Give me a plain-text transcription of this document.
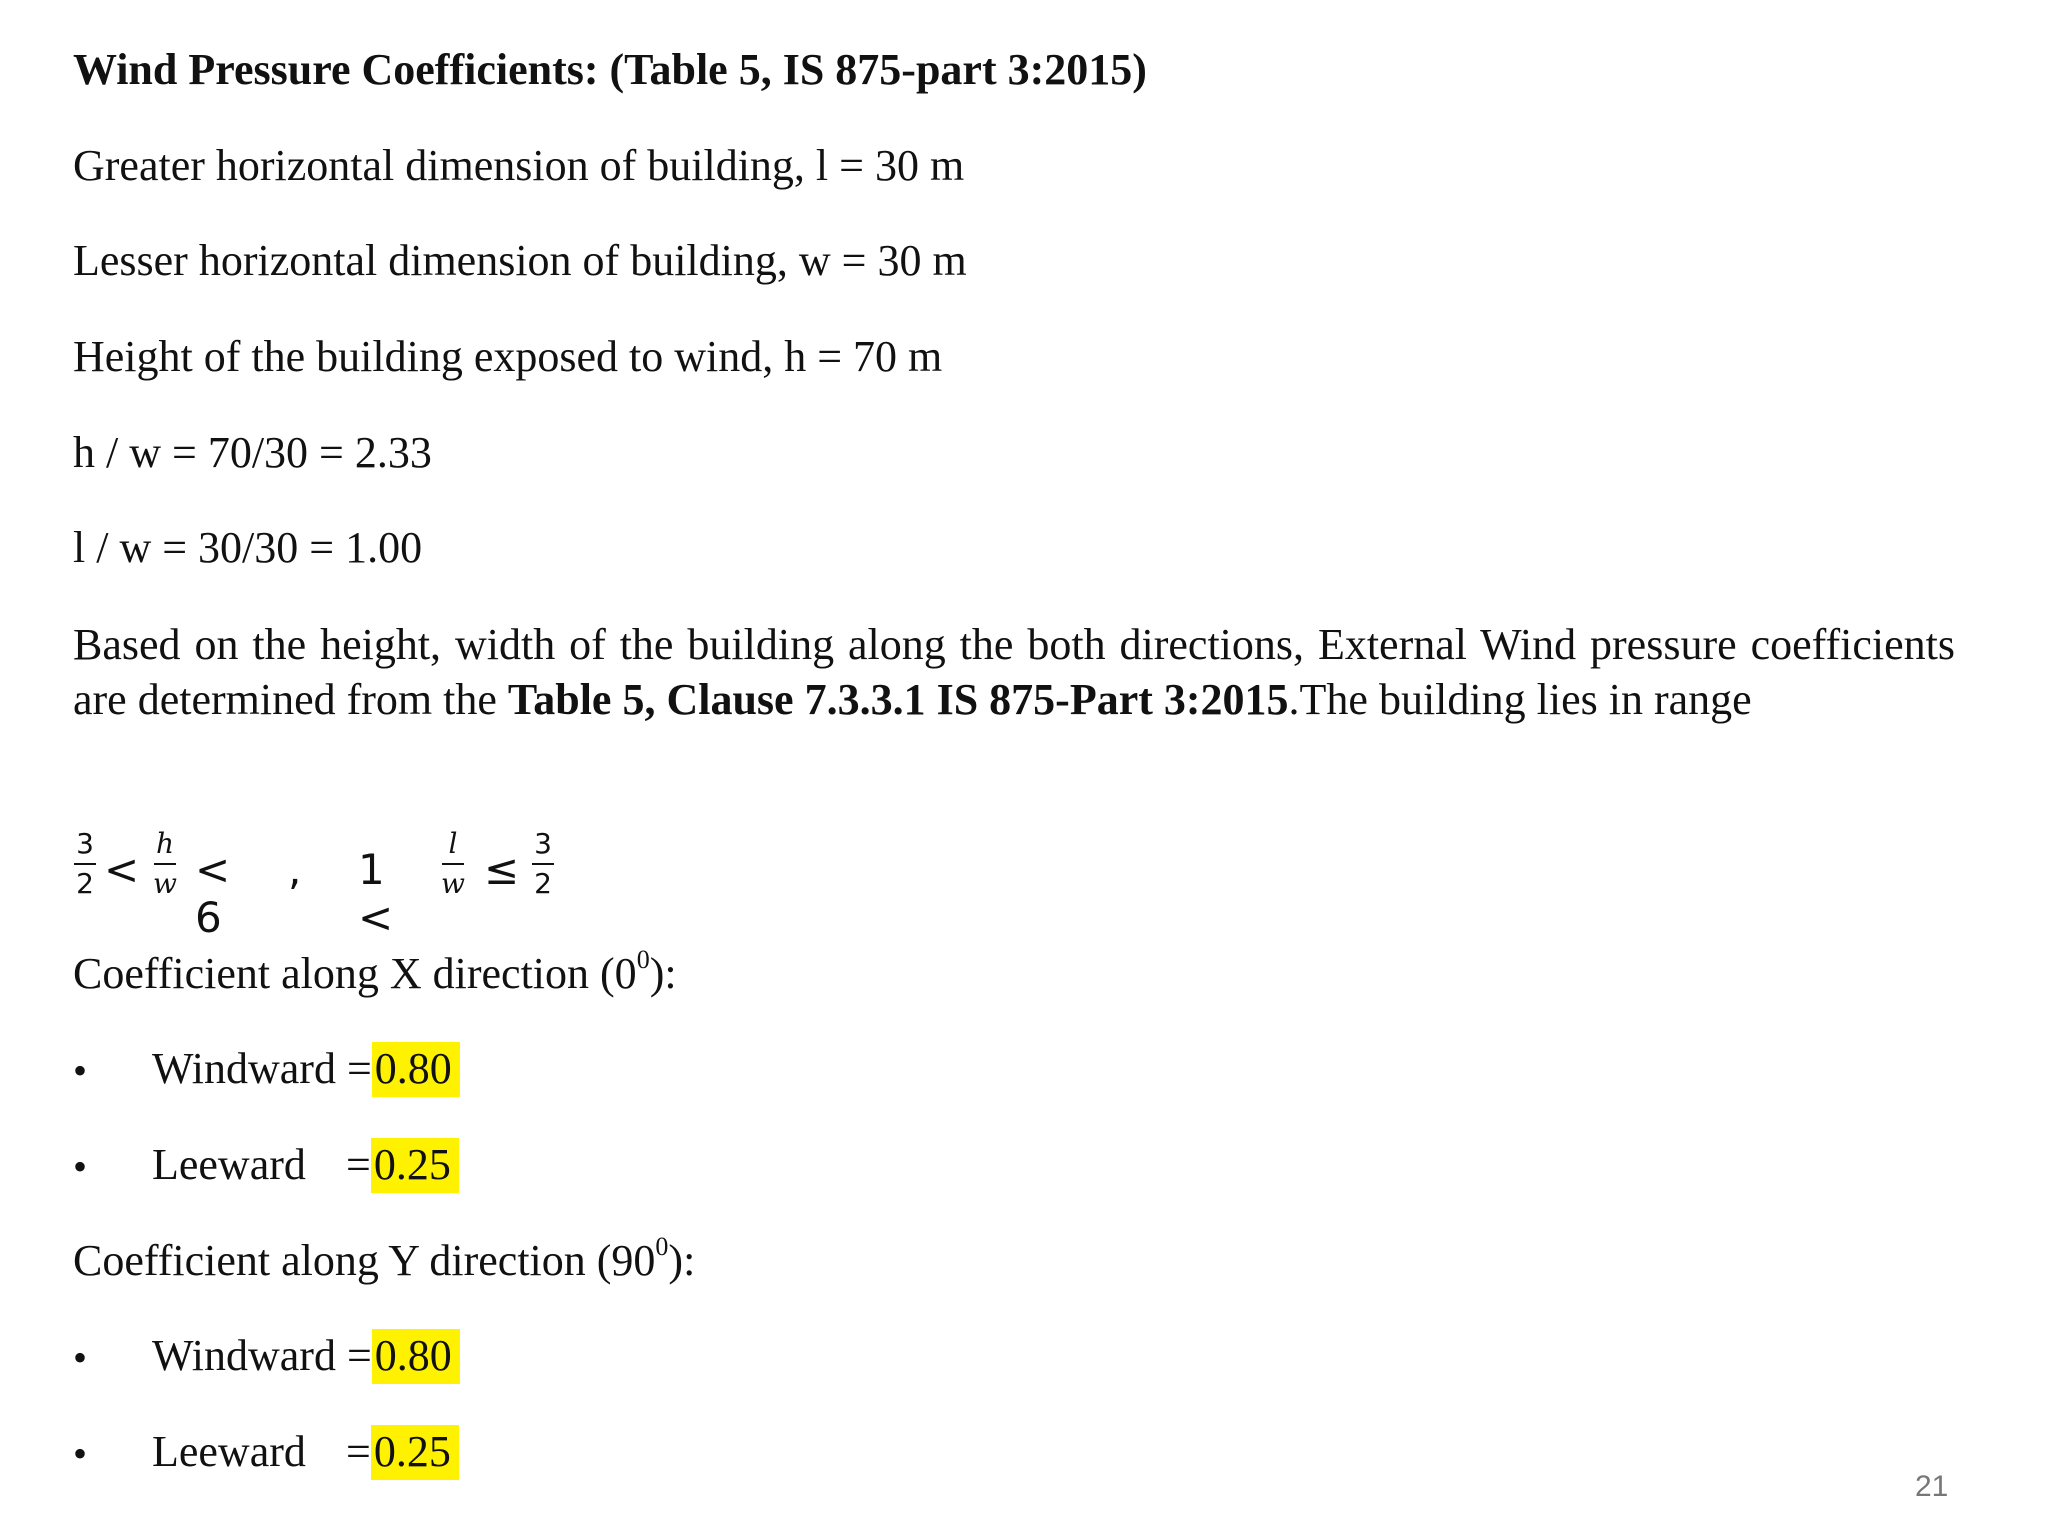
Wind Pressure Coefficients: (Table 5, IS 875-part 3:2015)
Greater horizontal dimension of building, l = 30 m
Lesser horizontal dimension of building, w = 30 m
Height of the building exposed to wind, h = 70 m
h / w = 70/30 = 2.33
l / w = 30/30 = 1.00
Based on the height, width of the building along the both directions, External Wind pressure coefficients are determined from the Table 5, Clause 7.3.3.1 IS 875-Part 3:2015.The building lies in range
3
2 <
h
w < 6
, 1 <
l
w ≤
3
2
Coefficient along X direction $(0^0)$:
• Windward =0.80
• Leeward =0.25
Coefficient along Y direction $(90^0)$:
• Windward =0.80
• Leeward =0.25
21
